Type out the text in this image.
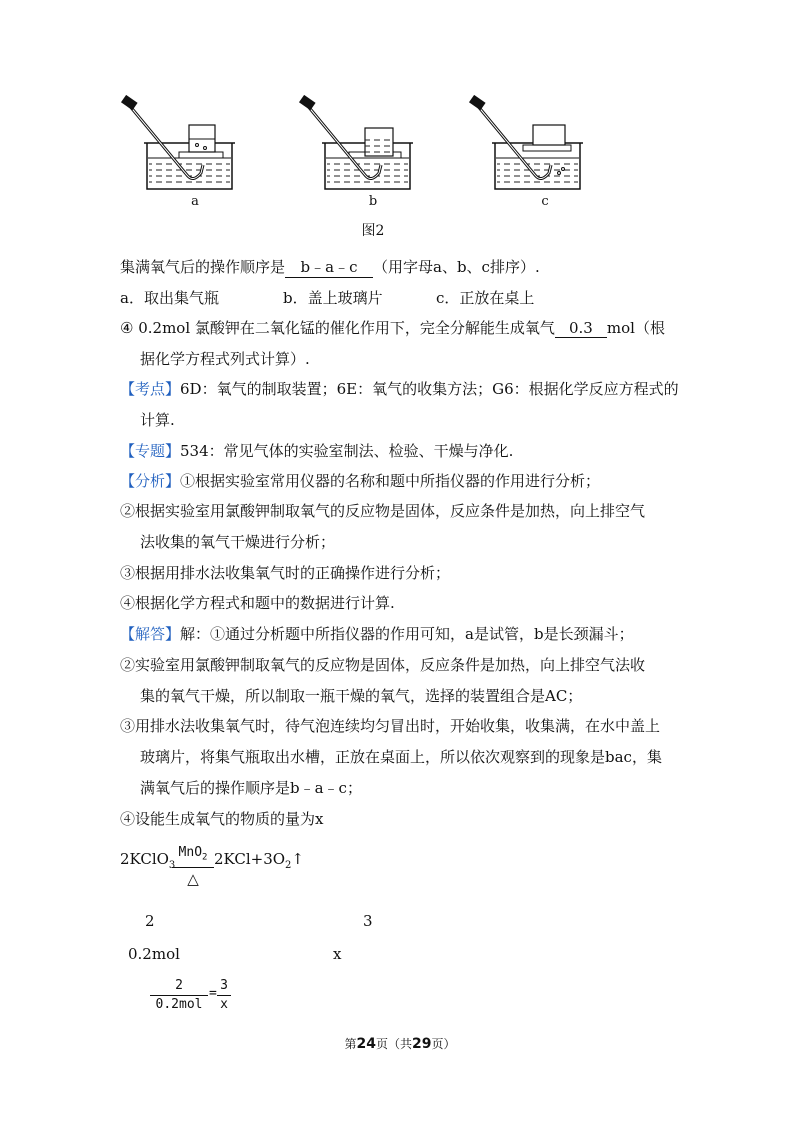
a	b	c
图2
集满氧气后的操作顺序是 b﹣a﹣c （用字母a、b、c排序）.
a．取出集气瓶	b．盖上玻璃片	c．正放在桌上
④ 0.2mol 氯酸钾在二氧化锰的催化作用下，完全分解能生成氧气 0.3 mol（根
据化学方程式列式计算）.
【考点】6D：氧气的制取装置；6E：氧气的收集方法；G6：根据化学反应方程式的
计算.
【专题】534：常见气体的实验室制法、检验、干燥与净化.
【分析】①根据实验室常用仪器的名称和题中所指仪器的作用进行分析；
②根据实验室用氯酸钾制取氧气的反应物是固体，反应条件是加热，向上排空气
法收集的氧气干燥进行分析；
③根据用排水法收集氧气时的正确操作进行分析；
④根据化学方程式和题中的数据进行计算.
【解答】解：①通过分析题中所指仪器的作用可知，a是试管，b是长颈漏斗；
②实验室用氯酸钾制取氧气的反应物是固体，反应条件是加热，向上排空气法收
集的氧气干燥，所以制取一瓶干燥的氧气，选择的装置组合是AC；
③用排水法收集氧气时，待气泡连续均匀冒出时，开始收集，收集满，在水中盖上
玻璃片，将集气瓶取出水槽，正放在桌面上，所以依次观察到的现象是bac，集
满氧气后的操作顺序是b﹣a﹣c；
④设能生成氧气的物质的量为x
2KClO$_3$
MnO$_2$
△
$2KCl+3O_2↑$
2	3
0.2mol	x
2
0.2mol
=
3
x
第24页（共29页）
